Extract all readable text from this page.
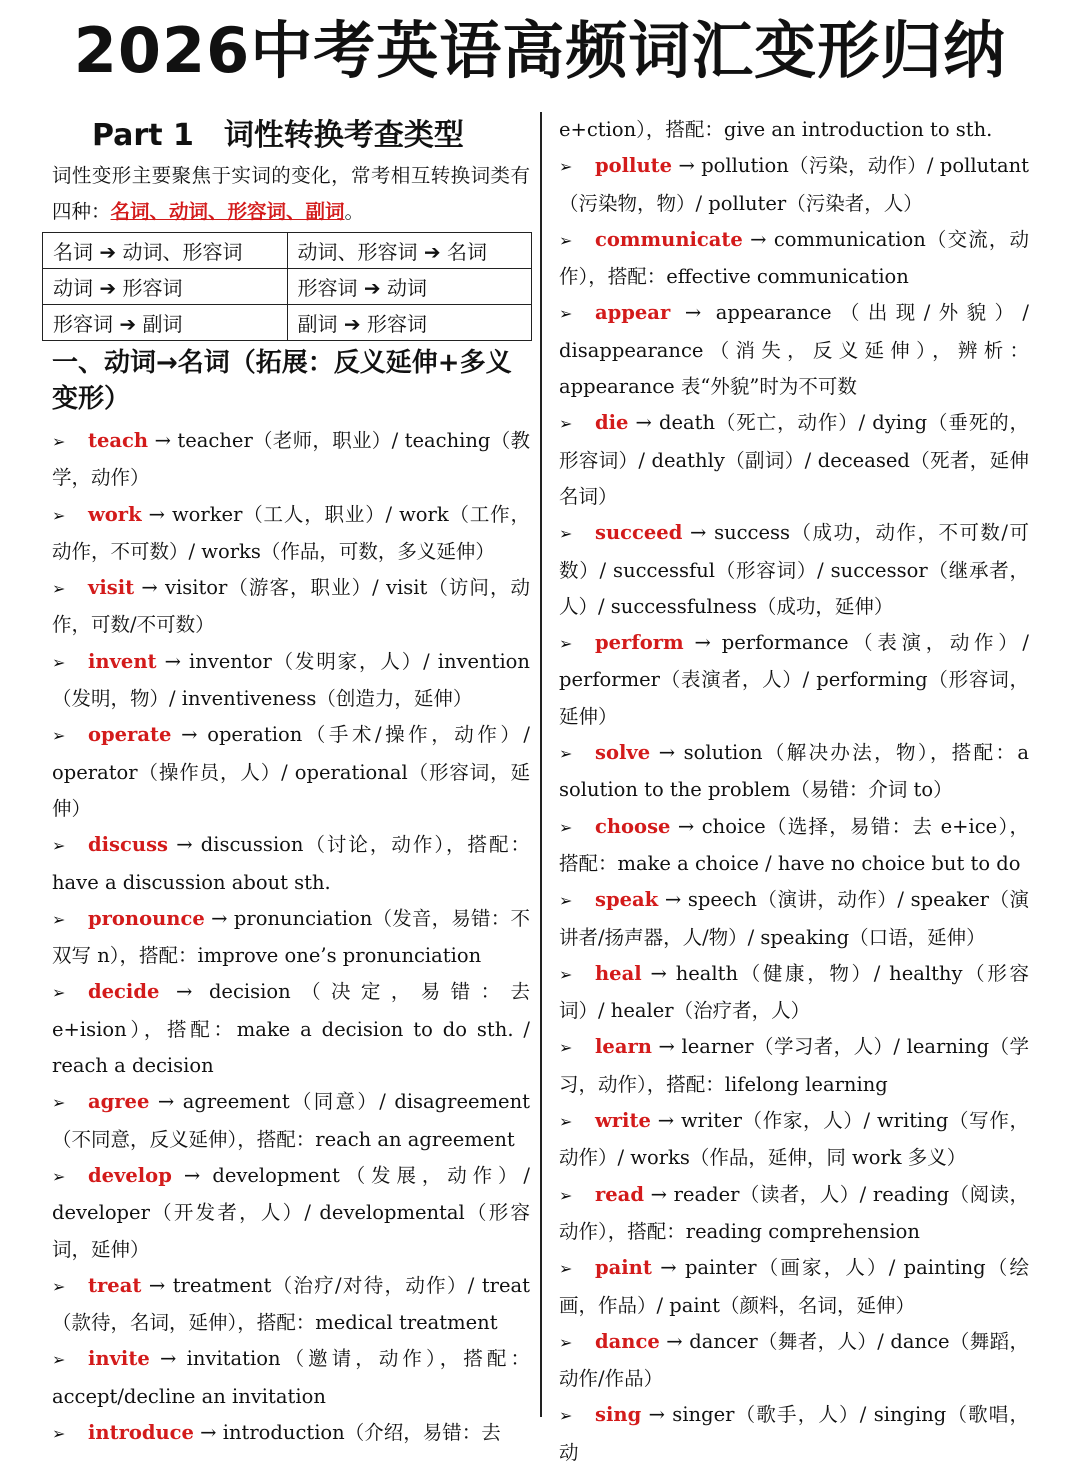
2026中考英语高频词汇变形归纳
Part 1　词性转换考查类型
词性变形主要聚焦于实词的变化，常考相互转换词类有四种：名词、动词、形容词、副词。
名词 ➔ 动词、形容词	动词、形容词 ➔ 名词
动词 ➔ 形容词	形容词 ➔ 动词
形容词 ➔ 副词	副词 ➔ 形容词
一、动词→名词（拓展：反义延伸+多义变形）

➢ teach → teacher（老师，职业）/ teaching（教学，动作）

➢ work → worker（工人，职业）/ work（工作，动作，不可数）/ works（作品，可数，多义延伸）

➢ visit → visitor（游客，职业）/ visit（访问，动作，可数/不可数）

➢ invent → inventor（发明家，人）/ invention（发明，物）/ inventiveness（创造力，延伸）

➢ operate → operation（手术/操作，动作）/ operator（操作员，人）/ operational（形容词，延伸）

➢ discuss → discussion（讨论，动作），搭配：have a discussion about sth.

➢ pronounce → pronunciation（发音，易错：不双写 n），搭配：improve one’s pronunciation

➢ decide → decision（决定，易错：去 e+ision），搭配：make a decision to do sth. / reach a decision

➢ agree → agreement（同意）/ disagreement（不同意，反义延伸），搭配：reach an agreement

➢ develop → development（发展，动作）/ developer（开发者，人）/ developmental（形容词，延伸）

➢ treat → treatment（治疗/对待，动作）/ treat（款待，名词，延伸），搭配：medical treatment

➢ invite → invitation（邀请，动作），搭配：accept/decline an invitation

➢ introduce → introduction（介绍，易错：去

e+ction），搭配：give an introduction to sth.

➢ pollute → pollution（污染，动作）/ pollutant（污染物，物）/ polluter（污染者，人）

➢ communicate → communication（交流，动作），搭配：effective communication

➢ appear → appearance（出现/外貌）/ disappearance（消失，反义延伸），辨析：appearance 表“外貌”时为不可数

➢ die → death（死亡，动作）/ dying（垂死的，形容词）/ deathly（副词）/ deceased（死者，延伸名词）

➢ succeed → success（成功，动作，不可数/可数）/ successful（形容词）/ successor（继承者，人）/ successfulness（成功，延伸）

➢ perform → performance（表演，动作）/ performer（表演者，人）/ performing（形容词，延伸）

➢ solve → solution（解决办法，物），搭配：a solution to the problem（易错：介词 to）

➢ choose → choice（选择，易错：去 e+ice），搭配：make a choice / have no choice but to do

➢ speak → speech（演讲，动作）/ speaker（演讲者/扬声器，人/物）/ speaking（口语，延伸）

➢ heal → health（健康，物）/ healthy（形容词）/ healer（治疗者，人）

➢ learn → learner（学习者，人）/ learning（学习，动作），搭配：lifelong learning

➢ write → writer（作家，人）/ writing（写作，动作）/ works（作品，延伸，同 work 多义）

➢ read → reader（读者，人）/ reading（阅读，动作），搭配：reading comprehension

➢ paint → painter（画家，人）/ painting（绘画，作品）/ paint（颜料，名词，延伸）

➢ dance → dancer（舞者，人）/ dance（舞蹈，动作/作品）

➢ sing → singer（歌手，人）/ singing（歌唱，动
